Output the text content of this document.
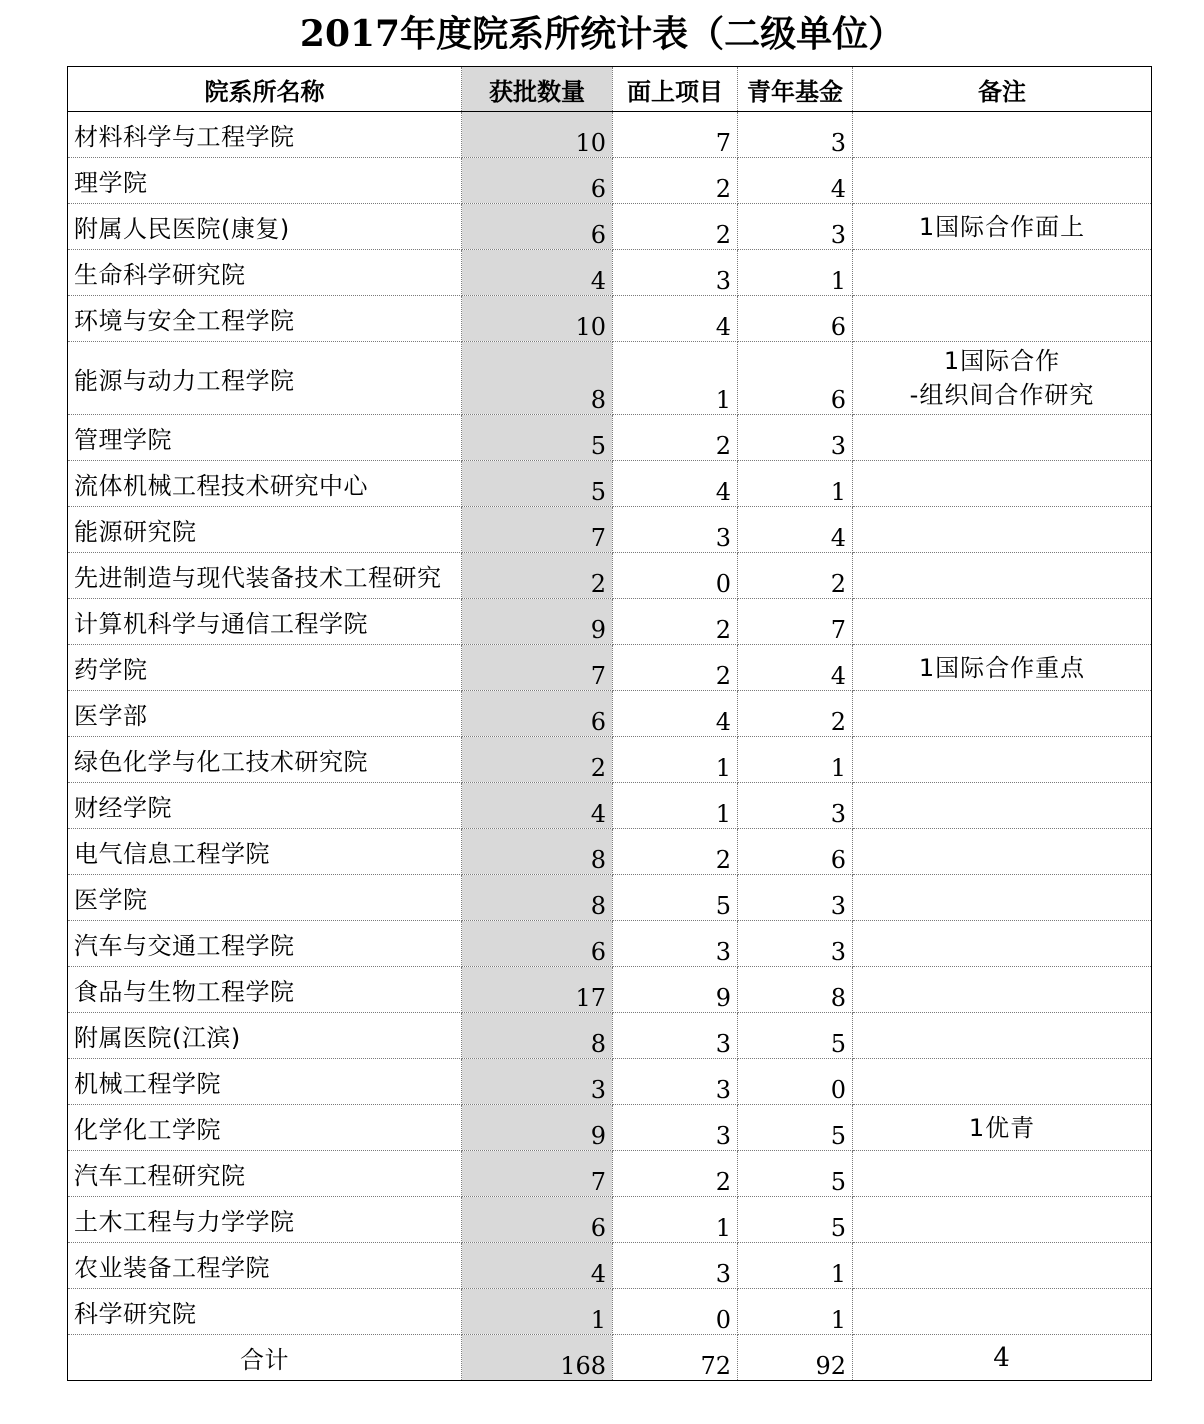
2017年度院系所统计表（二级单位）
院系所名称	获批数量	面上项目	青年基金	备注
材料科学与工程学院	10	7	3	
理学院	6	2	4	
附属人民医院(康复)	6	2	3	1国际合作面上
生命科学研究院	4	3	1	
环境与安全工程学院	10	4	6	
能源与动力工程学院	8	1	6	1国际合作
-组织间合作研究
管理学院	5	2	3	
流体机械工程技术研究中心	5	4	1	
能源研究院	7	3	4	
先进制造与现代装备技术工程研究	2	0	2	
计算机科学与通信工程学院	9	2	7	
药学院	7	2	4	1国际合作重点
医学部	6	4	2	
绿色化学与化工技术研究院	2	1	1	
财经学院	4	1	3	
电气信息工程学院	8	2	6	
医学院	8	5	3	
汽车与交通工程学院	6	3	3	
食品与生物工程学院	17	9	8	
附属医院(江滨)	8	3	5	
机械工程学院	3	3	0	
化学化工学院	9	3	5	1优青
汽车工程研究院	7	2	5	
土木工程与力学学院	6	1	5	
农业装备工程学院	4	3	1	
科学研究院	1	0	1	
合计	168	72	92	4
